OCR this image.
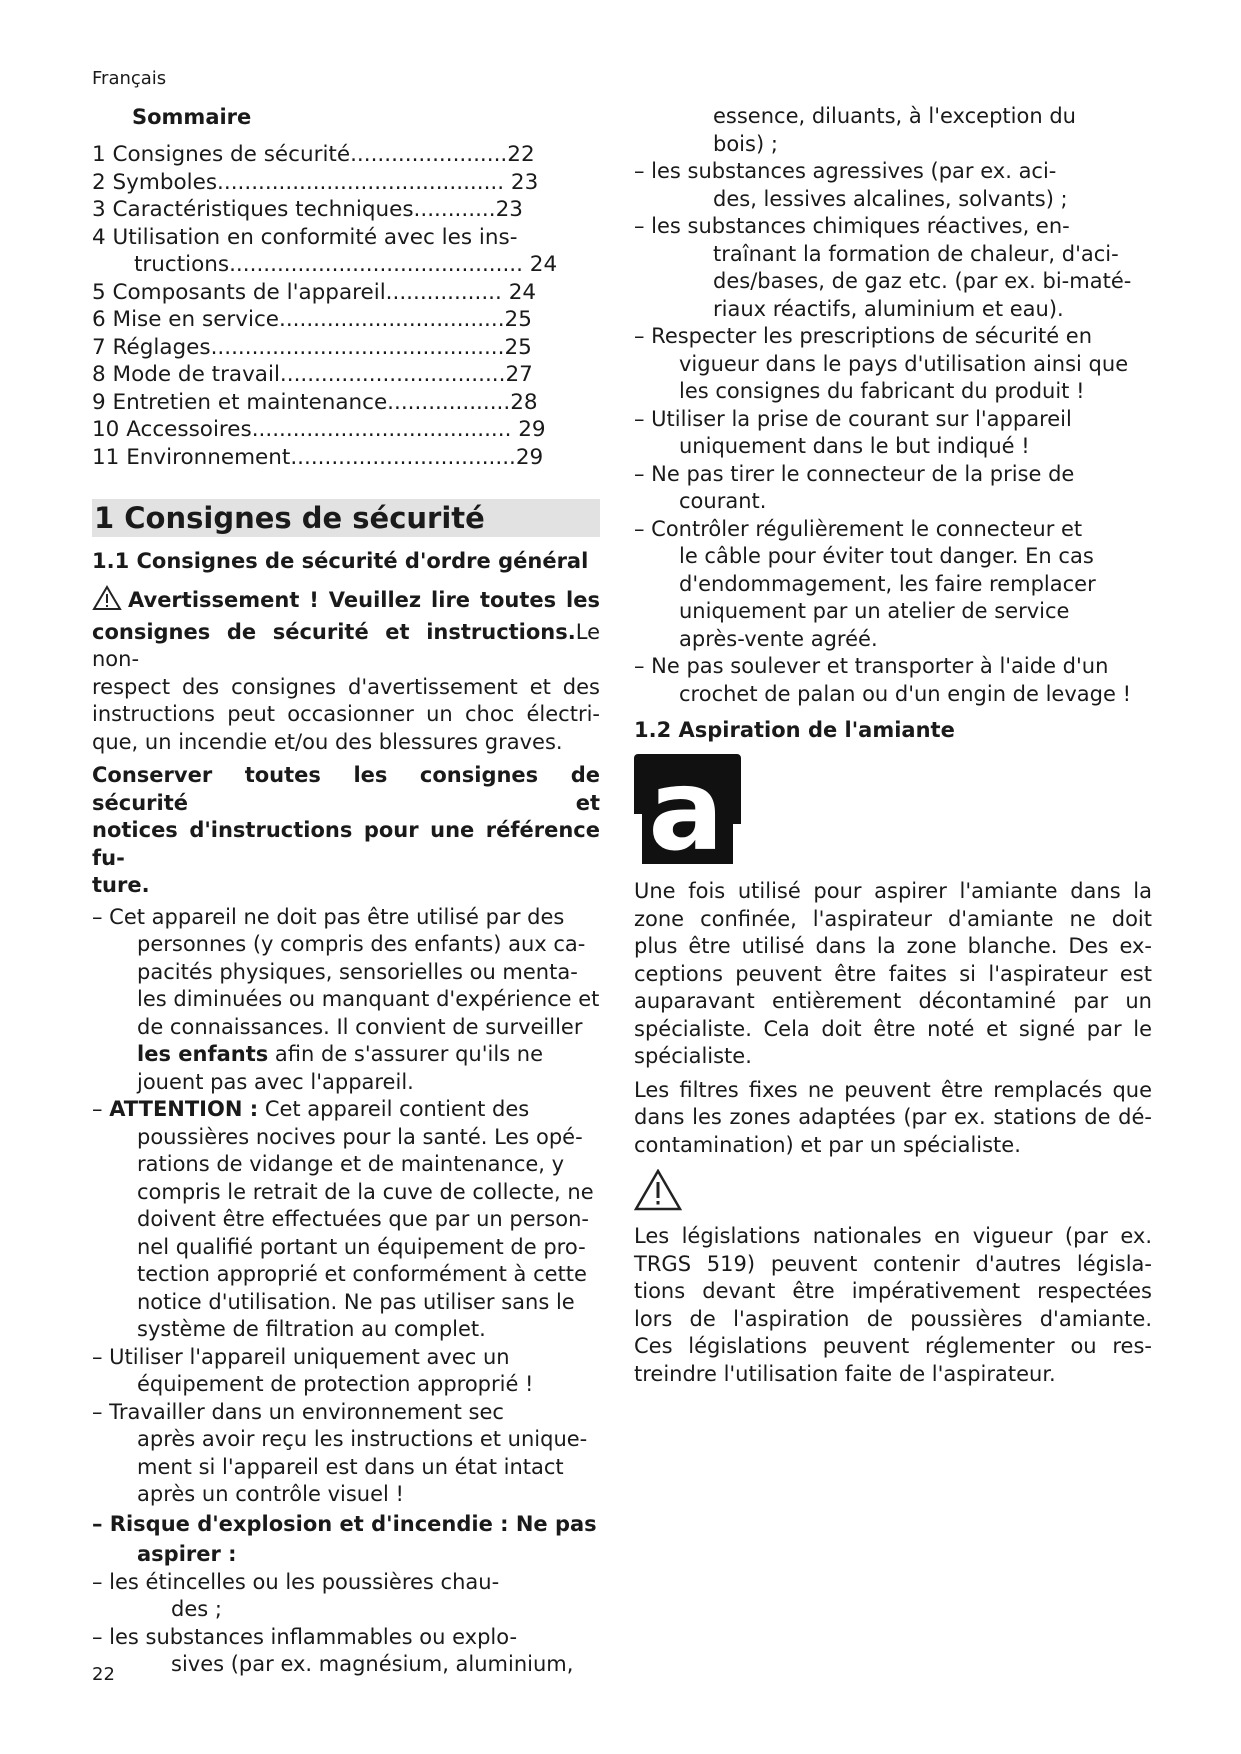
Français
Sommaire
1 Consignes de sécurité.......................22
2 Symboles.......................................... 23
3 Caractéristiques techniques............23
4 Utilisation en conformité avec les ins-
tructions........................................... 24
5 Composants de l'appareil................. 24
6 Mise en service.................................25
7 Réglages...........................................25
8 Mode de travail.................................27
9 Entretien et maintenance..................28
10 Accessoires...................................... 29
11 Environnement.................................29
1 Consignes de sécurité
1.1 Consignes de sécurité d'ordre général
Avertissement ! Veuillez lire toutes les
consignes de sécurité et instructions.Le non-
respect des consignes d'avertissement et des
instructions peut occasionner un choc électri-
que, un incendie et/ou des blessures graves.
Conserver toutes les consignes de sécurité et
notices d'instructions pour une référence fu-
ture.
– Cet appareil ne doit pas être utilisé par des
personnes (y compris des enfants) aux ca-
pacités physiques, sensorielles ou menta-
les diminuées ou manquant d'expérience et
de connaissances. Il convient de surveiller
les enfants afin de s'assurer qu'ils ne
jouent pas avec l'appareil.
– ATTENTION : Cet appareil contient des
poussières nocives pour la santé. Les opé-
rations de vidange et de maintenance, y
compris le retrait de la cuve de collecte, ne
doivent être effectuées que par un person-
nel qualifié portant un équipement de pro-
tection approprié et conformément à cette
notice d'utilisation. Ne pas utiliser sans le
système de filtration au complet.
– Utiliser l'appareil uniquement avec un
équipement de protection approprié !
– Travailler dans un environnement sec
après avoir reçu les instructions et unique-
ment si l'appareil est dans un état intact
après un contrôle visuel !
– Risque d'explosion et d'incendie : Ne pas
aspirer :
– les étincelles ou les poussières chau-
des ;
– les substances inflammables ou explo-
sives (par ex. magnésium, aluminium,
essence, diluants, à l'exception du
bois) ;
– les substances agressives (par ex. aci-
des, lessives alcalines, solvants) ;
– les substances chimiques réactives, en-
traînant la formation de chaleur, d'aci-
des/bases, de gaz etc. (par ex. bi-maté-
riaux réactifs, aluminium et eau).
– Respecter les prescriptions de sécurité en
vigueur dans le pays d'utilisation ainsi que
les consignes du fabricant du produit !
– Utiliser la prise de courant sur l'appareil
uniquement dans le but indiqué !
– Ne pas tirer le connecteur de la prise de
courant.
– Contrôler régulièrement le connecteur et
le câble pour éviter tout danger. En cas
d'endommagement, les faire remplacer
uniquement par un atelier de service
après-vente agréé.
– Ne pas soulever et transporter à l'aide d'un
crochet de palan ou d'un engin de levage !
1.2 Aspiration de l'amiante
a
Une fois utilisé pour aspirer l'amiante dans la
zone confinée, l'aspirateur d'amiante ne doit
plus être utilisé dans la zone blanche. Des ex-
ceptions peuvent être faites si l'aspirateur est
auparavant entièrement décontaminé par un
spécialiste. Cela doit être noté et signé par le
spécialiste.
Les filtres fixes ne peuvent être remplacés que
dans les zones adaptées (par ex. stations de dé-
contamination) et par un spécialiste.
Les législations nationales en vigueur (par ex.
TRGS 519) peuvent contenir d'autres législa-
tions devant être impérativement respectées
lors de l'aspiration de poussières d'amiante.
Ces législations peuvent réglementer ou res-
treindre l'utilisation faite de l'aspirateur.
22
